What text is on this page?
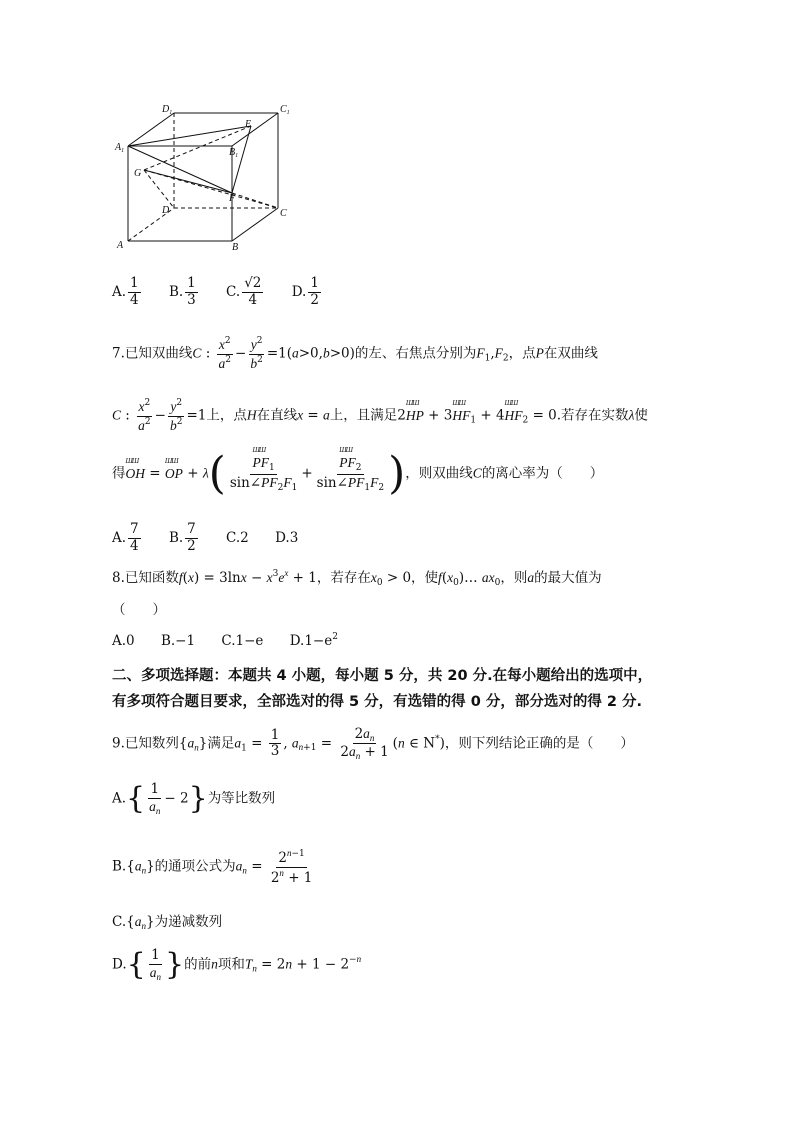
$D_1$	$C_1$
$A_1$	$B_1$
E
G
D
F
C
A	B
A. $\frac{1}{4} B$. $\frac{1}{3} C$. $\frac{√2}{4} D$. $\frac{1}{2}$
7.已知双曲线C : $\frac{x^2}{a^2} - \frac{y^2}{b^2} =1(a>0,b>0)$的左、右焦点分别为$F_1,F_2$，点P在双曲线
C : $\frac{x^2}{a^2} - \frac{y^2}{b^2} =1$上，点H在直线x = a上，且满足2ШШ HP + 3ШШ $HF_1 + 4ШШ$ $HF_2 = 0$.若存在实数λ使
得ШШ OH = ШШ OP + λ( ШШ $\frac{PF_1}{\sin\angle PF_2F_1}$ + ШШ $\frac{PF_2}{\sin\angle PF_1F_2}$ )，则双曲线C的离心率为（　　）
A. $\frac{7}{4} B$. $\frac{7}{2} C.2$ D.3
8.已知函数$f(x) = 3\ln x - x^3e^x + 1$，若存在$x_0 > 0$，使$f(x_0)\dots$ $ax_0$，则a的最大值为
（　　）
A.0 B.−1 C.1−e $D.1-e^2$
二、多项选择题：本题共 4 小题，每小题 5 分，共 20 分.在每小题给出的选项中，
有多项符合题目要求，全部选对的得 5 分，有选错的得 0 分，部分选对的得 2 分.
9.已知数列$\{a_n\}$满足$a_1 = \frac{1}{3}$ , $a_{n+1} = \frac{2a_n}{2a_n + 1} (n$ ∈ N*)，则下列结论正确的是（　　）
$A.\{ \frac{1}{a_n} - 2\}$为等比数列
$B.\{a_n\}$的通项公式为$a_n = \frac{2^{n-1}}{2^n + 1}$
$C.\{a_n\}$为递减数列
$D.\{ \frac{1}{a_n}$ }的前n项和$T_n = 2n + 1 - 2^{-n}$
